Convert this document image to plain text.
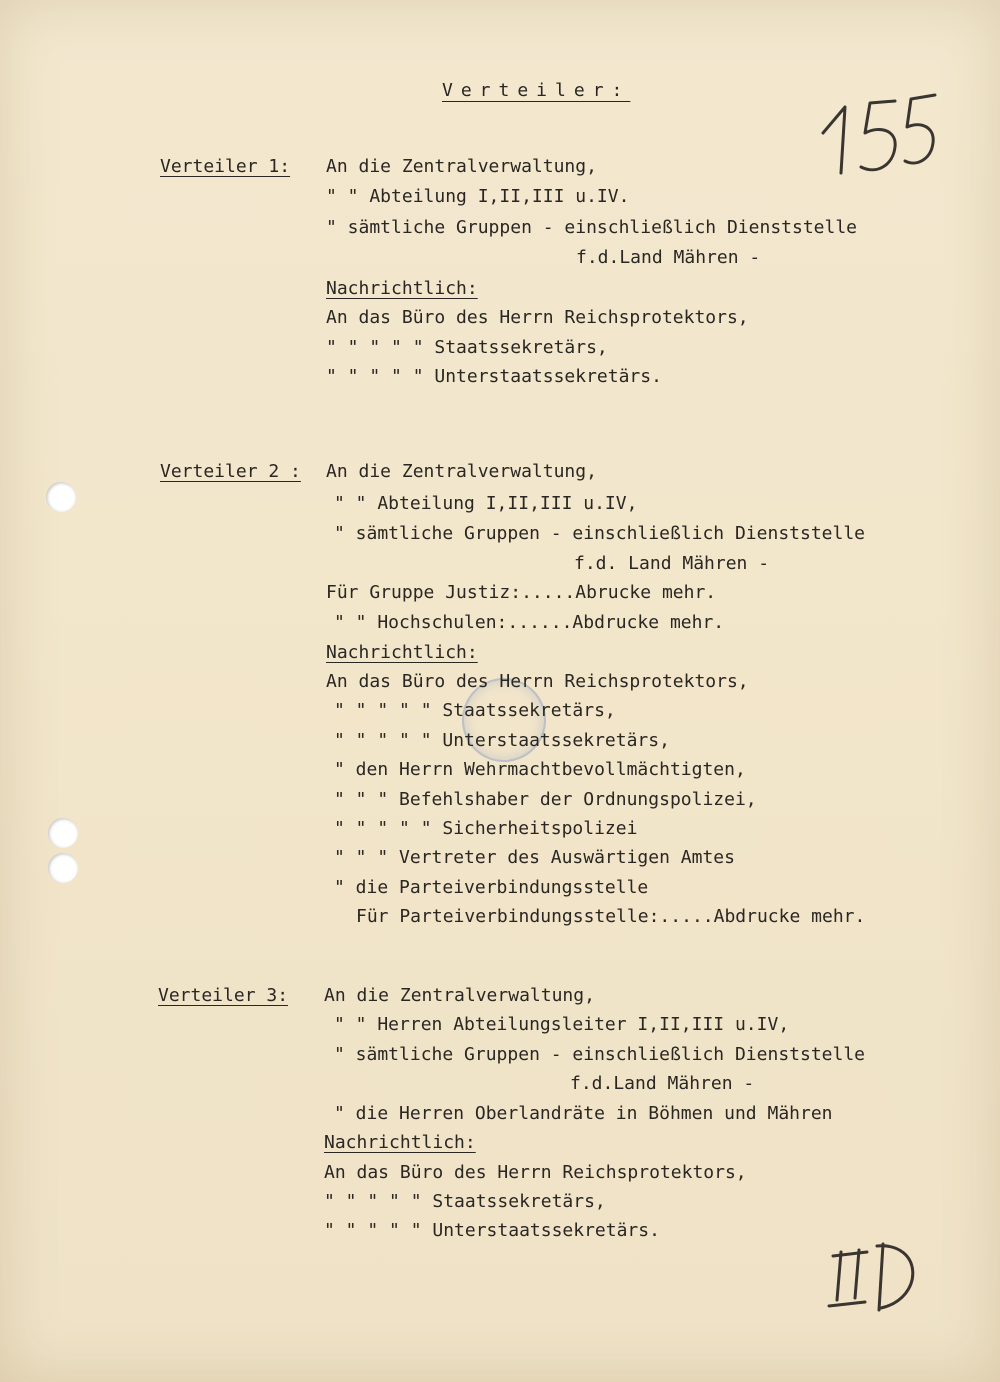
Verteiler:
Verteiler 1: An die Zentralverwaltung,
" " Abteilung I,II,III u.IV.
" sämtliche Gruppen - einschließlich Dienststelle
f.d.Land Mähren -
Nachrichtlich:
An das Büro des Herrn Reichsprotektors,
" " " " " Staatssekretärs,
" " " " " Unterstaatssekretärs.
Verteiler 2 : An die Zentralverwaltung,
" " Abteilung I,II,III u.IV,
" sämtliche Gruppen - einschließlich Dienststelle
f.d. Land Mähren -
Für Gruppe Justiz:.....Abrucke mehr.
" " Hochschulen:......Abdrucke mehr.
Nachrichtlich:
An das Büro des Herrn Reichsprotektors,
" " " " " Staatssekretärs,
" " " " " Unterstaatssekretärs,
" den Herrn Wehrmachtbevollmächtigten,
" " " Befehlshaber der Ordnungspolizei,
" " " " " Sicherheitspolizei
" " " Vertreter des Auswärtigen Amtes
" die Parteiverbindungsstelle
Für Parteiverbindungsstelle:.....Abdrucke mehr.
Verteiler 3: An die Zentralverwaltung,
" " Herren Abteilungsleiter I,II,III u.IV,
" sämtliche Gruppen - einschließlich Dienststelle
f.d.Land Mähren -
" die Herren Oberlandräte in Böhmen und Mähren
Nachrichtlich:
An das Büro des Herrn Reichsprotektors,
" " " " " Staatssekretärs,
" " " " " Unterstaatssekretärs.
